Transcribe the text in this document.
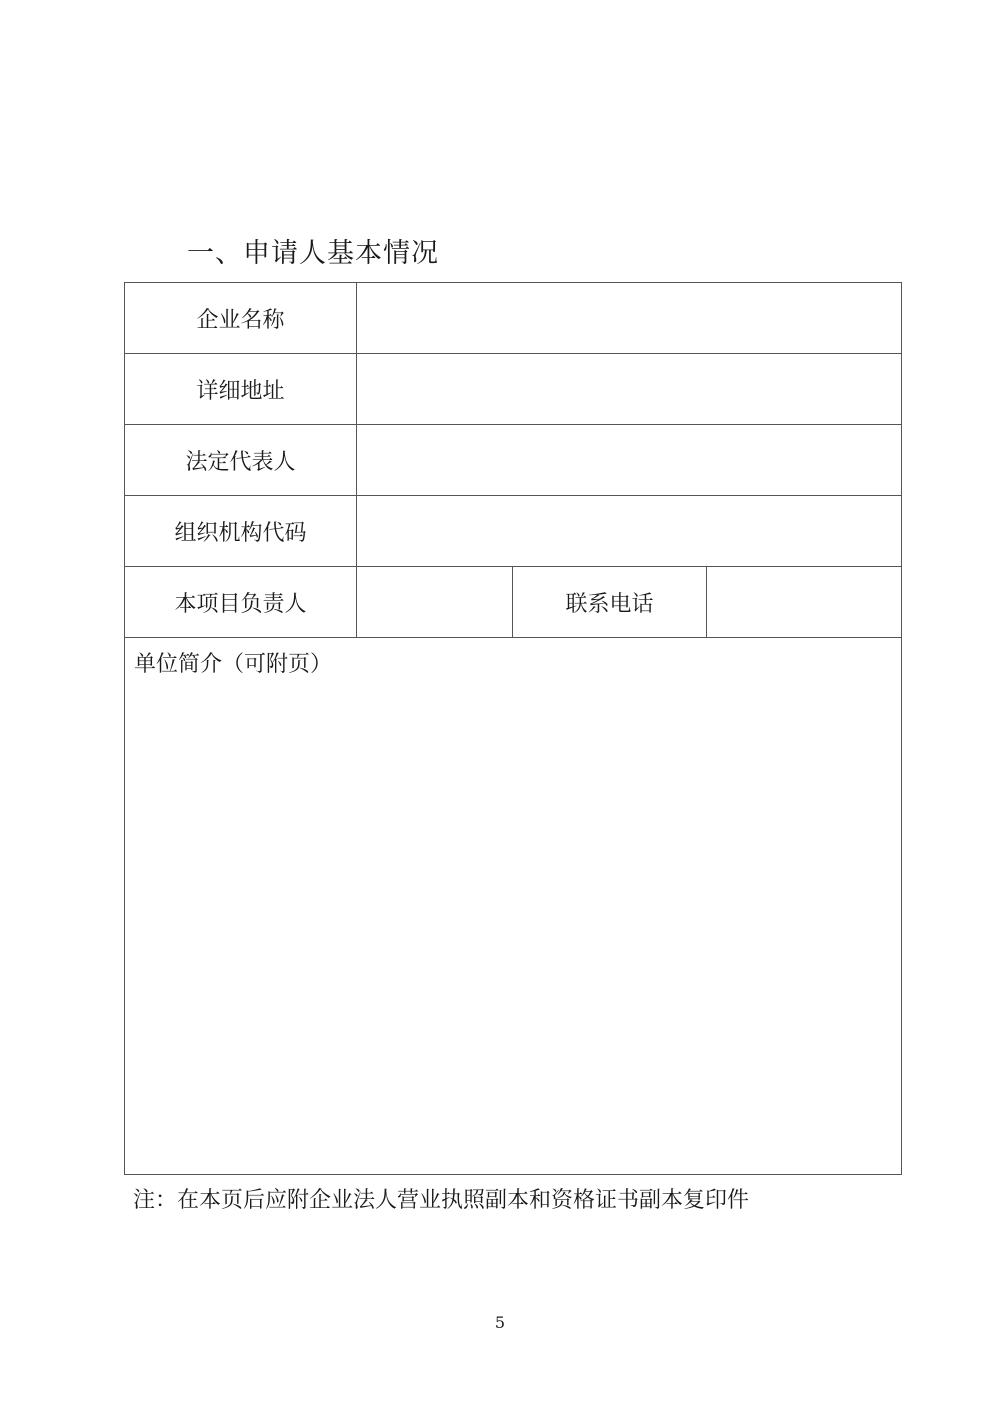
一、申请人基本情况
企业名称			
详细地址			
法定代表人			
组织机构代码			
本项目负责人		联系电话	

单位简介（可附页）			
注：在本页后应附企业法人营业执照副本和资格证书副本复印件
5
